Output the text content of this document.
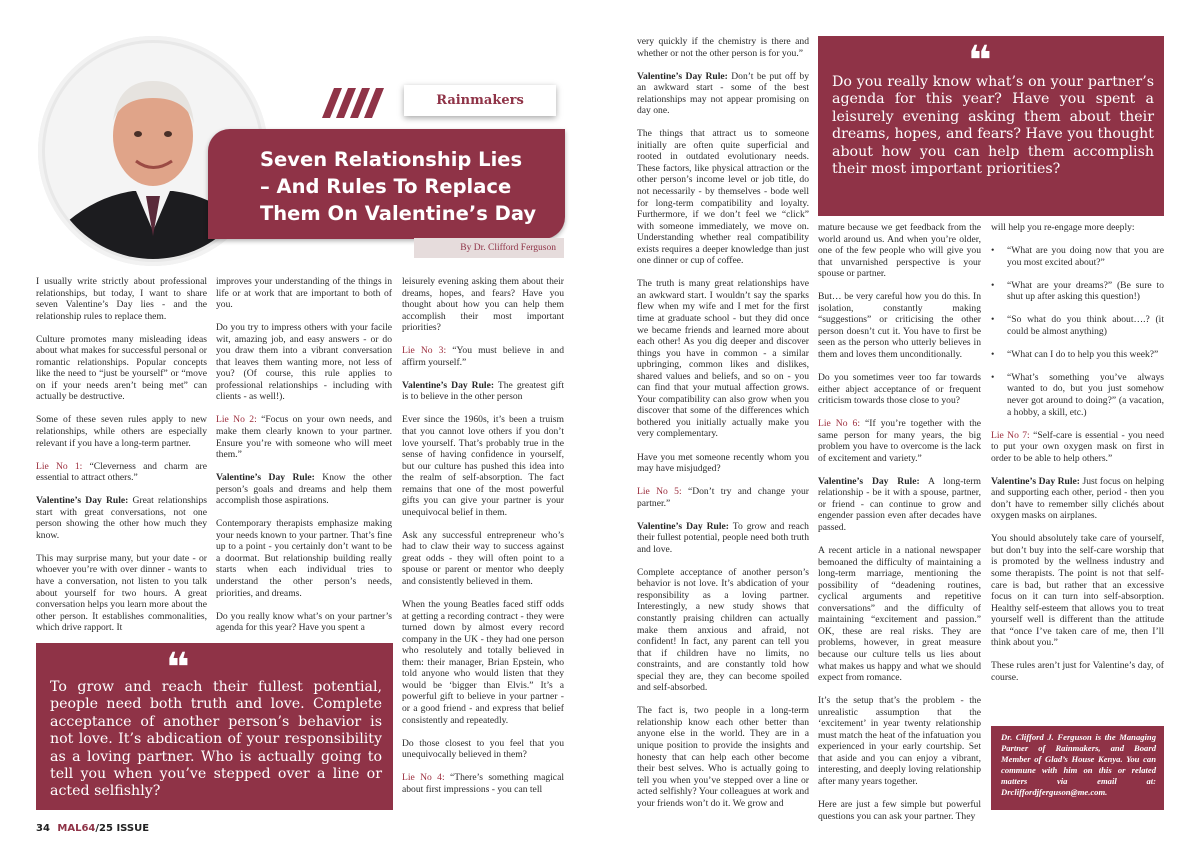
Rainmakers
Seven Relationship Lies
– And Rules To Replace
Them On Valentine’s Day
By Dr. Clifford Ferguson

I usually write strictly about professional relationships, but today, I want to share seven Valentine’s Day lies - and the relationship rules to replace them.

Culture promotes many misleading ideas about what makes for successful personal or romantic relationships. Popular concepts like the need to “just be yourself” or “move on if your needs aren’t being met” can actually be destructive.

Some of these seven rules apply to new relationships, while others are especially relevant if you have a long-term partner.

Lie No 1: “Cleverness and charm are essential to attract others.”

Valentine’s Day Rule: Great relationships start with great conversations, not one person showing the other how much they know.

This may surprise many, but your date - or whoever you’re with over dinner - wants to have a conversation, not listen to you talk about yourself for two hours. A great conversation helps you learn more about the other person. It establishes commonalities, which drive rapport. It

improves your understanding of the things in life or at work that are important to both of you.

Do you try to impress others with your facile wit, amazing job, and easy answers - or do you draw them into a vibrant conversation that leaves them wanting more, not less of you? (Of course, this rule applies to professional relationships - including with clients - as well!).

Lie No 2: “Focus on your own needs, and make them clearly known to your partner. Ensure you’re with someone who will meet them.”

Valentine’s Day Rule: Know the other person’s goals and dreams and help them accomplish those aspirations.

Contemporary therapists emphasize making your needs known to your partner. That’s fine up to a point - you certainly don’t want to be a doormat. But relationship building really starts when each individual tries to understand the other person’s needs, priorities, and dreams.

Do you really know what’s on your partner’s agenda for this year? Have you spent a

leisurely evening asking them about their dreams, hopes, and fears? Have you thought about how you can help them accomplish their most important priorities?

Lie No 3: “You must believe in and affirm yourself.”

Valentine’s Day Rule: The greatest gift is to believe in the other person

Ever since the 1960s, it’s been a truism that you cannot love others if you don’t love yourself. That’s probably true in the sense of having confidence in yourself, but our culture has pushed this idea into the realm of self-absorption. The fact remains that one of the most powerful gifts you can give your partner is your unequivocal belief in them.

Ask any successful entrepreneur who’s had to claw their way to success against great odds - they will often point to a spouse or parent or mentor who deeply and consistently believed in them.

When the young Beatles faced stiff odds at getting a recording contract - they were turned down by almost every record company in the UK - they had one person who resolutely and totally believed in them: their manager, Brian Epstein, who told anyone who would listen that they would be ‘bigger than Elvis.” It’s a powerful gift to believe in your partner - or a good friend - and express that belief consistently and repeatedly.

Do those closest to you feel that you unequivocally believed in them?

Lie No 4: “There’s something magical about first impressions - you can tell

❛❛
To grow and reach their fullest potential, people need both truth and love. Complete acceptance of another person’s behavior is not love. It’s abdication of your responsibility as a loving partner. Who is actually going to tell you when you’ve stepped over a line or acted selfishly?
34 MAL64/25 ISSUE

very quickly if the chemistry is there and whether or not the other person is for you.”

Valentine’s Day Rule: Don’t be put off by an awkward start - some of the best relationships may not appear promising on day one.

The things that attract us to someone initially are often quite superficial and rooted in outdated evolutionary needs. These factors, like physical attraction or the other person’s income level or job title, do not necessarily - by themselves - bode well for long-term compatibility and loyalty. Furthermore, if we don’t feel we “click” with someone immediately, we move on. Understanding whether real compatibility exists requires a deeper knowledge than just one dinner or cup of coffee.

The truth is many great relationships have an awkward start. I wouldn’t say the sparks flew when my wife and I met for the first time at graduate school - but they did once we became friends and learned more about each other! As you dig deeper and discover things you have in common - a similar upbringing, common likes and dislikes, shared values and beliefs, and so on - you can find that your mutual affection grows. Your compatibility can also grow when you discover that some of the differences which bothered you initially actually make you very complementary.

Have you met someone recently whom you may have misjudged?

Lie No 5: “Don’t try and change your partner.”

Valentine’s Day Rule: To grow and reach their fullest potential, people need both truth and love.

Complete acceptance of another person’s behavior is not love. It’s abdication of your responsibility as a loving partner. Interestingly, a new study shows that constantly praising children can actually make them anxious and afraid, not confident! In fact, any parent can tell you that if children have no limits, no constraints, and are constantly told how special they are, they can become spoiled and self-absorbed.

The fact is, two people in a long-term relationship know each other better than anyone else in the world. They are in a unique position to provide the insights and honesty that can help each other become their best selves. Who is actually going to tell you when you’ve stepped over a line or acted selfishly? Your colleagues at work and your friends won’t do it. We grow and

❛❛
Do you really know what’s on your partner’s agenda for this year? Have you spent a leisurely evening asking them about their dreams, hopes, and fears? Have you thought about how you can help them accomplish their most important priorities?

mature because we get feedback from the world around us. And when you’re older, one of the few people who will give you that unvarnished perspective is your spouse or partner.

But… be very careful how you do this. In isolation, constantly making “suggestions” or criticising the other person doesn’t cut it. You have to first be seen as the person who utterly believes in them and loves them unconditionally.

Do you sometimes veer too far towards either abject acceptance of or frequent criticism towards those close to you?

Lie No 6: “If you’re together with the same person for many years, the big problem you have to overcome is the lack of excitement and variety.”

Valentine’s Day Rule: A long-term relationship - be it with a spouse, partner, or friend - can continue to grow and engender passion even after decades have passed.

A recent article in a national newspaper bemoaned the difficulty of maintaining a long-term marriage, mentioning the possibility of “deadening routines, cyclical arguments and repetitive conversations” and the difficulty of maintaining “excitement and passion.” OK, these are real risks. They are problems, however, in great measure because our culture tells us lies about what makes us happy and what we should expect from romance.

It’s the setup that’s the problem - the unrealistic assumption that the ‘excitement’ in year twenty relationship must match the heat of the infatuation you experienced in your early courtship. Set that aside and you can enjoy a vibrant, interesting, and deeply loving relationship after many years together.

Here are just a few simple but powerful questions you can ask your partner. They

will help you re-engage more deeply:

• “What are you doing now that you are you most excited about?”
• “What are your dreams?” (Be sure to shut up after asking this question!)
• “So what do you think about….? (it could be almost anything)
• “What can I do to help you this week?”
• “What’s something you’ve always wanted to do, but you just somehow never got around to doing?” (a vacation, a hobby, a skill, etc.)

Lie No 7: “Self-care is essential - you need to put your own oxygen mask on first in order to be able to help others.”

Valentine’s Day Rule: Just focus on helping and supporting each other, period - then you don’t have to remember silly clichés about oxygen masks on airplanes.

You should absolutely take care of yourself, but don’t buy into the self-care worship that is promoted by the wellness industry and some therapists. The point is not that self-care is bad, but rather that an excessive focus on it can turn into self-absorption. Healthy self-esteem that allows you to treat yourself well is different than the attitude that “once I’ve taken care of me, then I’ll think about you.”

These rules aren’t just for Valentine’s day, of course.

Dr. Clifford J. Ferguson is the Managing Partner of Rainmakers, and Board Member of Glad’s House Kenya. You can commune with him on this or related matters via email at: Drcliffordjferguson@me.com.
